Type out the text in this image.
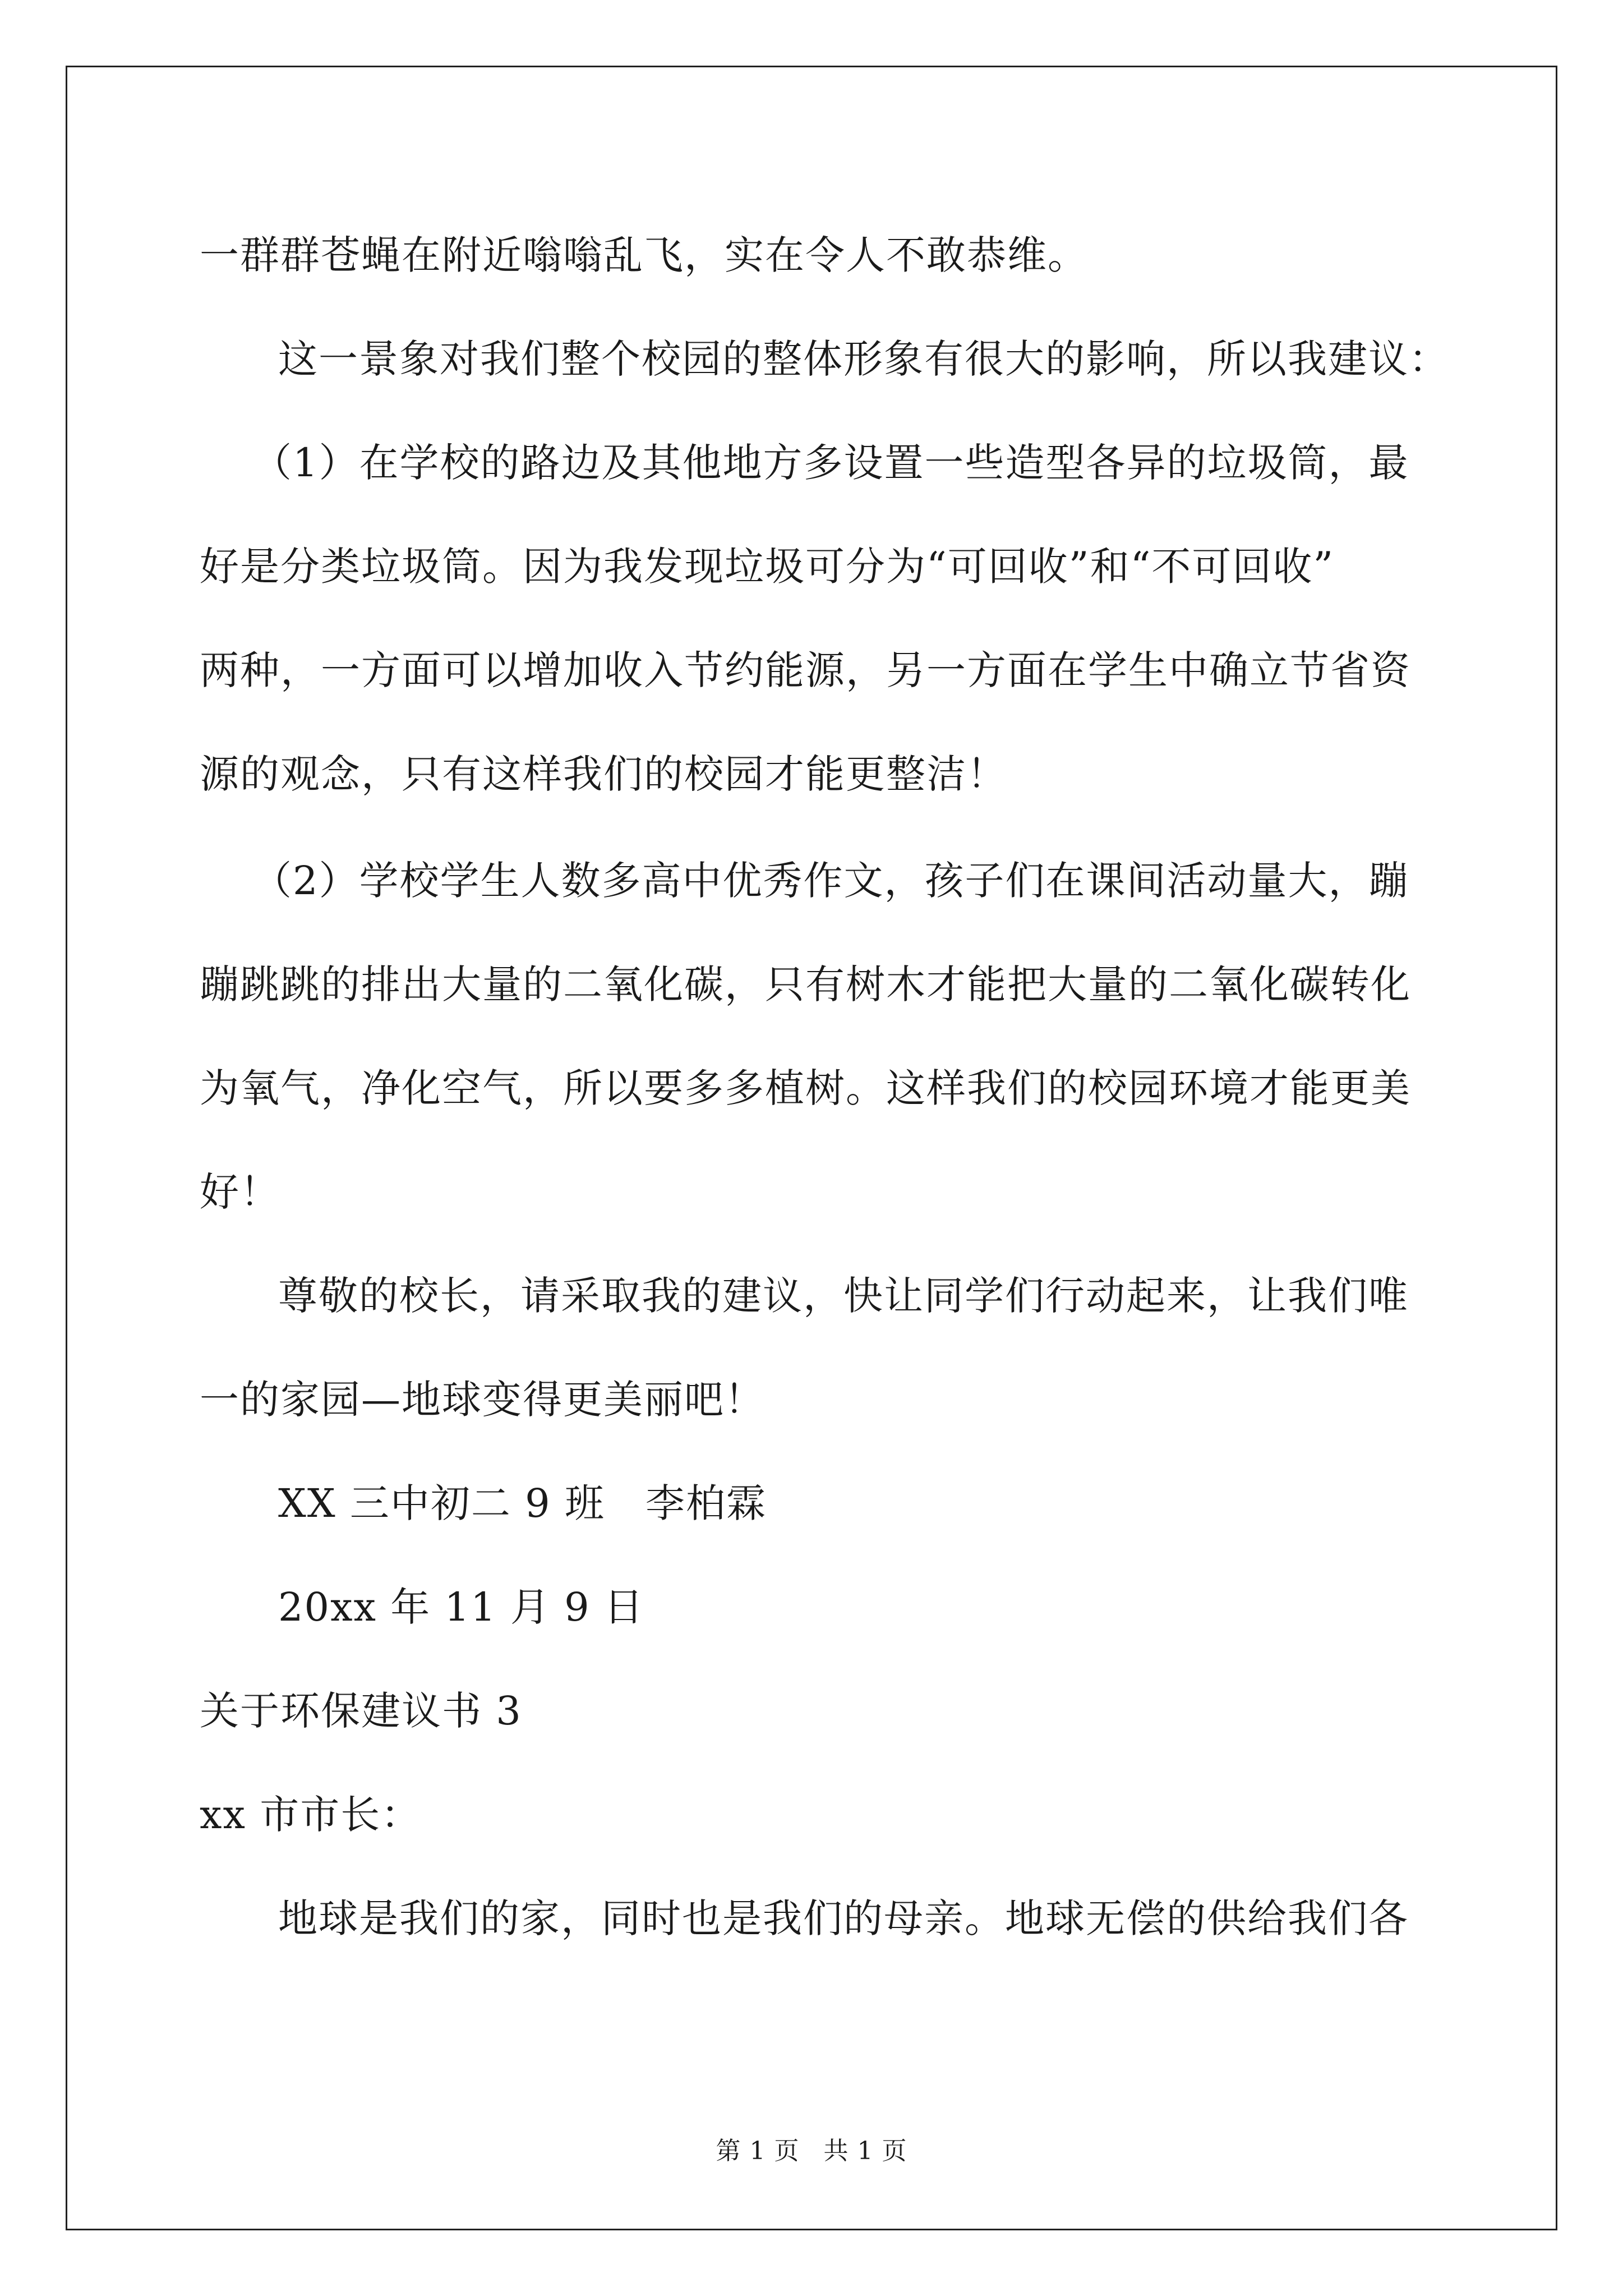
一群群苍蝇在附近嗡嗡乱飞，实在令人不敢恭维。
这一景象对我们整个校园的整体形象有很大的影响，所以我建议：
（1）在学校的路边及其他地方多设置一些造型各异的垃圾筒，最
好是分类垃圾筒。因为我发现垃圾可分为“可回收”和“不可回收”
两种，一方面可以增加收入节约能源，另一方面在学生中确立节省资
源的观念，只有这样我们的校园才能更整洁！
（2）学校学生人数多高中优秀作文，孩子们在课间活动量大，蹦
蹦跳跳的排出大量的二氧化碳，只有树木才能把大量的二氧化碳转化
为氧气，净化空气，所以要多多植树。这样我们的校园环境才能更美
好！
尊敬的校长，请采取我的建议，快让同学们行动起来，让我们唯
一的家园—地球变得更美丽吧！
XX 三中初二 9 班　李柏霖
20xx 年 11 月 9 日
关于环保建议书 3
xx 市市长：
地球是我们的家，同时也是我们的母亲。地球无偿的供给我们各
第 1 页 共 1 页
